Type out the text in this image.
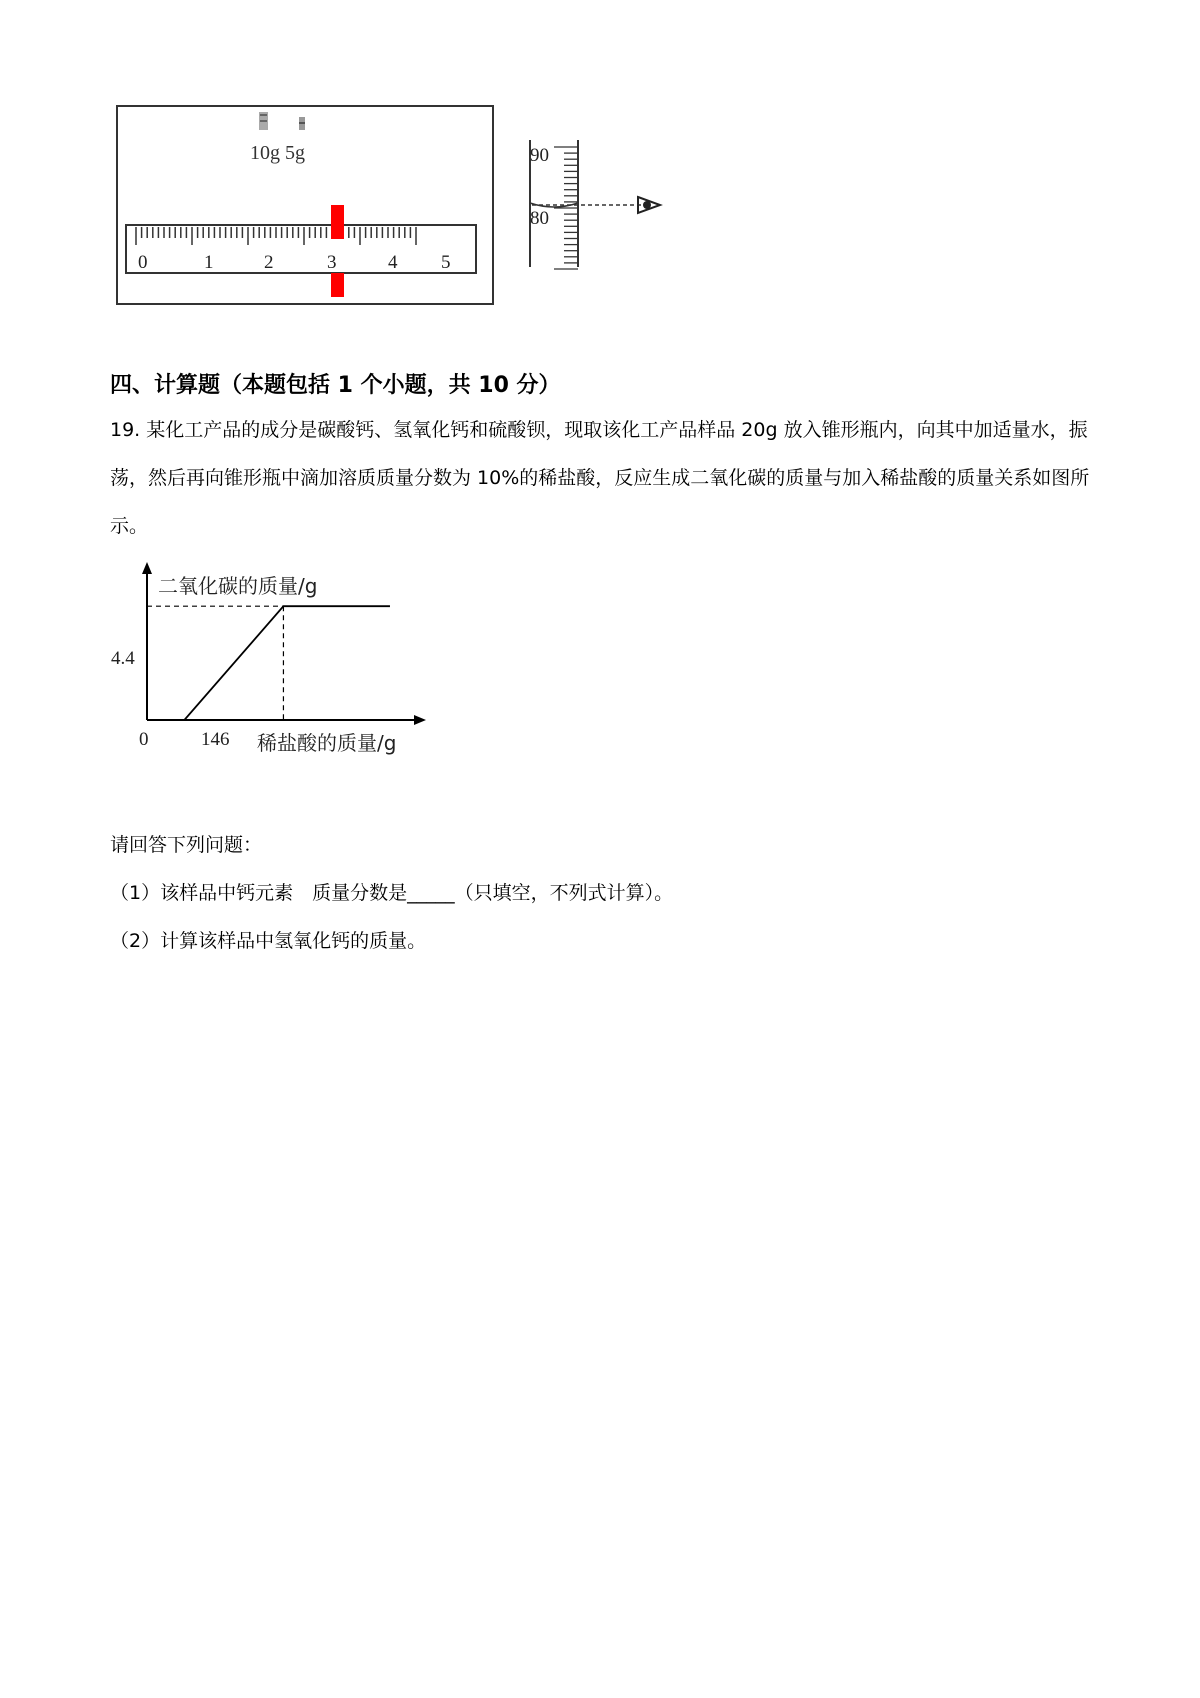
10g 5g
0	1	2	3	4 5
90
80
四、计算题（本题包括 1 个小题，共 10 分）
19. 某化工产品的成分是碳酸钙、氢氧化钙和硫酸钡，现取该化工产品样品 20g 放入锥形瓶内，向其中加适量水，振荡，然后再向锥形瓶中滴加溶质质量分数为 10%的稀盐酸，反应生成二氧化碳的质量与加入稀盐酸的质量关系如图所示。
二氧化碳的质量/g
4.4
0	146 稀盐酸的质量/g
请回答下列问题：
（1）该样品中钙元素　质量分数是_____（只填空，不列式计算）。
（2）计算该样品中氢氧化钙的质量。
